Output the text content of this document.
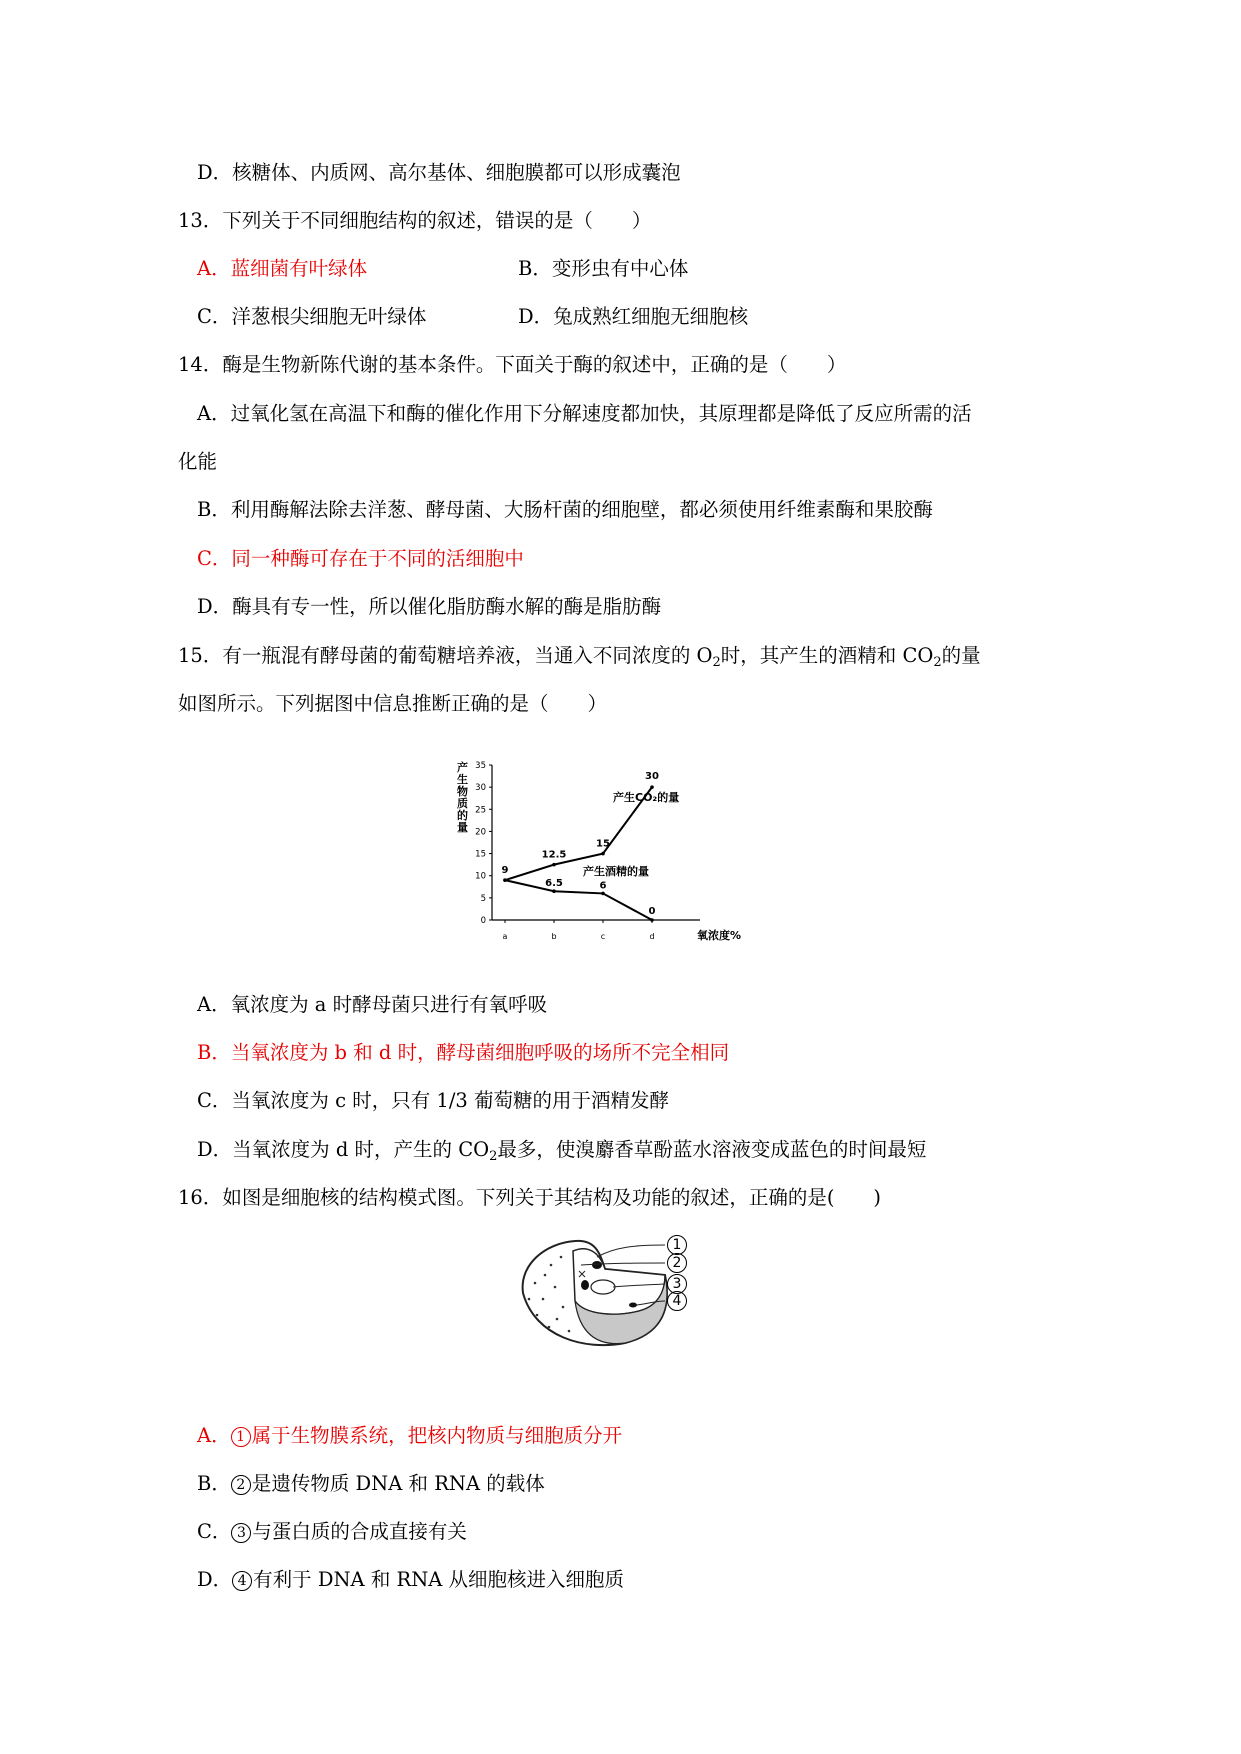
D．核糖体、内质网、高尔基体、细胞膜都可以形成囊泡
13．下列关于不同细胞结构的叙述，错误的是（　　）
A．蓝细菌有叶绿体	B．变形虫有中心体
C．洋葱根尖细胞无叶绿体	D．兔成熟红细胞无细胞核
14．酶是生物新陈代谢的基本条件。下面关于酶的叙述中，正确的是（　　）
A．过氧化氢在高温下和酶的催化作用下分解速度都加快，其原理都是降低了反应所需的活
化能
B．利用酶解法除去洋葱、酵母菌、大肠杆菌的细胞壁，都必须使用纤维素酶和果胶酶
C．同一种酶可存在于不同的活细胞中
D．酶具有专一性，所以催化脂肪酶水解的酶是脂肪酶
15．有一瓶混有酵母菌的葡萄糖培养液，当通入不同浓度的 $O_2$时，其产生的酒精和 $CO_2$的量
如图所示。下列据图中信息推断正确的是（　　）
产
生
物
质
的
量
0
5
10
15
20
25
30
35
a	b	c	d	氧浓度%
9
12.5
15
30
产生CO₂的量
6.5	6
0
产生酒精的量
A．氧浓度为 a 时酵母菌只进行有氧呼吸
B．当氧浓度为 b 和 d 时，酵母菌细胞呼吸的场所不完全相同
C．当氧浓度为 c 时，只有 1/3 葡萄糖的用于酒精发酵
D．当氧浓度为 d 时，产生的 $CO_2$最多，使溴麝香草酚蓝水溶液变成蓝色的时间最短
16．如图是细胞核的结构模式图。下列关于其结构及功能的叙述，正确的是(　　)
1
2
3
4
A． 1 属于生物膜系统，把核内物质与细胞质分开
B． 2 是遗传物质 DNA 和 RNA 的载体
C． 3 与蛋白质的合成直接有关
D． 4 有利于 DNA 和 RNA 从细胞核进入细胞质
